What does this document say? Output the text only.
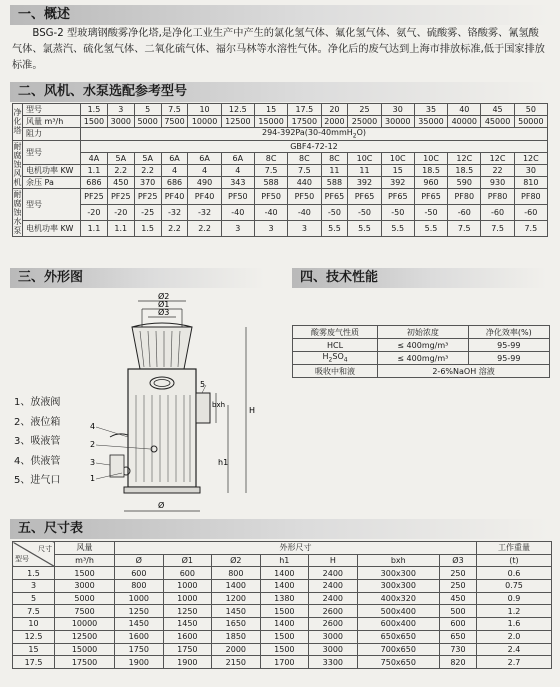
一、概述

BSG-2 型玻璃钢酸雾净化塔,是净化工业生产中产生的氯化氢气体、氟化氢气体、氨气、硫酸雾、铬酸雾、氰氢酸气体、氯蒸汽、硫化氢气体、二氧化硫气体、福尔马林等水溶性气体。净化后的废气达到上海市排放标准,低于国家排放标准。

二、风机、水泵选配参考型号
净化塔	型号	1.5	3	5	7.5	10	12.5	15	17.5	20	25	30	35	40	45	50
	风量 m³/h	1500	3000	5000	7500	10000	12500	15000	17500	2000	25000	30000	35000	40000	45000	50000
	阻力	294-392Pa(30-40mmH$_2$O)														
耐腐蚀风机	型号	GBF4-72-12														
		4A	5A	5A	6A	6A	6A	8C	8C	8C	10C	10C	10C	12C	12C	12C
	电机功率 KW	1.1	2.2	2.2	4	4	4	7.5	7.5	11	11	15	18.5	18.5	22	30
	余压 Pa	686	450	370	686	490	343	588	440	588	392	392	960	590	930	810
耐腐蚀水泵	型号	PF25	PF25	PF25	PF40	PF40	PF50	PF50	PF50	PF65	PF65	PF65	PF65	PF80	PF80	PF80
		-20	-20	-25	-32	-32	-40	-40	-40	-50	-50	-50	-50	-60	-60	-60
	电机功率 KW	1.1	1.1	1.5	2.2	2.2	3	3	3	5.5	5.5	5.5	5.5	7.5	7.5	7.5
三、外形图
1、放液阀
2、液位箱
3、吸液管
4、供液管
5、进气口
Ø2
Ø1
Ø3
Ø
H
h1
bxh
5
4
2
3
1
四、技术性能
酸雾废气性质	初始浓度	净化效率(%)
HCL	≤ 400mg/m³	95-99
$H_2SO_4$	≤ 400mg/m³	95-99
吸收中和液	2-6%NaOH 溶液	
五、尺寸表
尺寸
型号	风量	外形尺寸							工作重量
	m³/h	Ø	Ø1	Ø2	h1	H	bxh	Ø3	(t)
1.5	1500	600	600	800	1400	2400	300x300	250	0.6
3	3000	800	1000	1400	1400	2400	300x300	250	0.75
5	5000	1000	1000	1200	1380	2400	400x320	450	0.9
7.5	7500	1250	1250	1450	1500	2600	500x400	500	1.2
10	10000	1450	1450	1650	1400	2600	600x400	600	1.6
12.5	12500	1600	1600	1850	1500	3000	650x650	650	2.0
15	15000	1750	1750	2000	1500	3000	700x650	730	2.4
17.5	17500	1900	1900	2150	1700	3300	750x650	820	2.7
